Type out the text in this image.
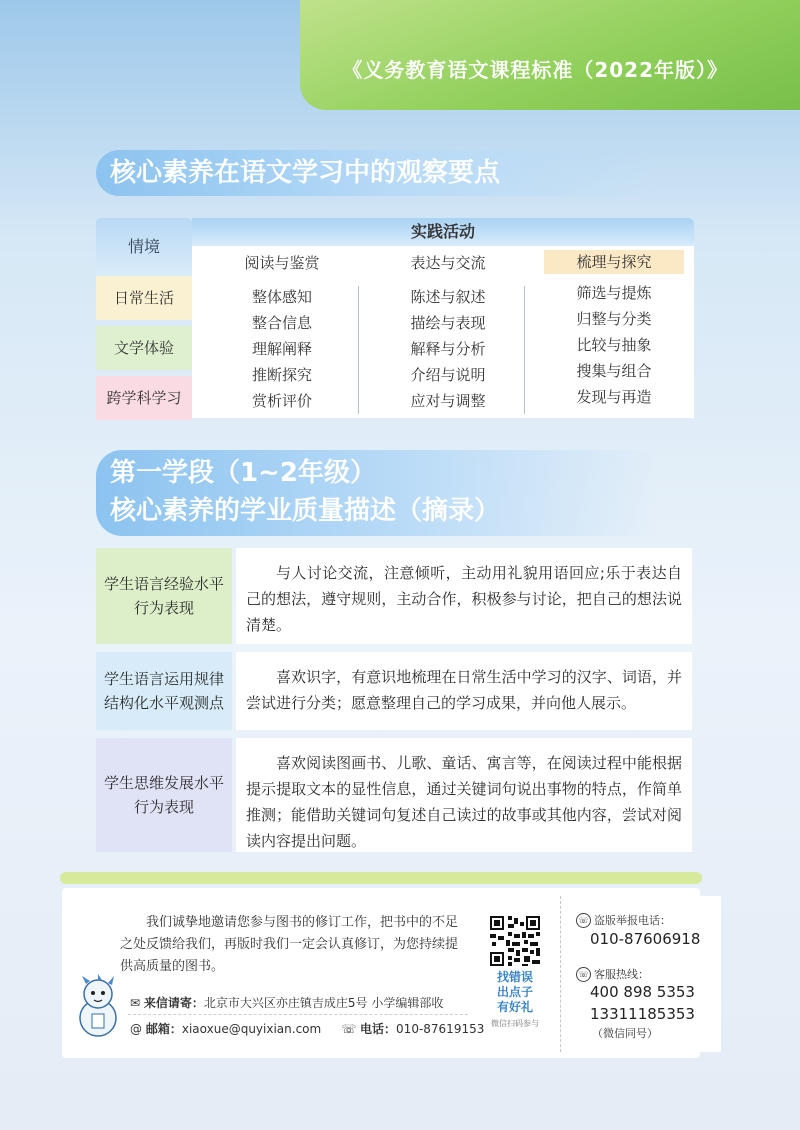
《义务教育语文课程标准（2022年版）》
核心素养在语文学习中的观察要点
情境
日常生活
文学体验
跨学科学习
实践活动
阅读与鉴赏
整体感知
整合信息
理解阐释
推断探究
赏析评价
表达与交流
陈述与叙述
描绘与表现
解释与分析
介绍与说明
应对与调整
梳理与探究
筛选与提炼
归整与分类
比较与抽象
搜集与组合
发现与再造
第一学段（1~2年级）
核心素养的学业质量描述（摘录）
学生语言经验水平
行为表现
与人讨论交流，注意倾听，主动用礼貌用语回应;乐于表达自己的想法，遵守规则，主动合作，积极参与讨论，把自己的想法说清楚。
学生语言运用规律
结构化水平观测点
喜欢识字，有意识地梳理在日常生活中学习的汉字、词语，并尝试进行分类；愿意整理自己的学习成果，并向他人展示。
学生思维发展水平
行为表现
喜欢阅读图画书、儿歌、童话、寓言等，在阅读过程中能根据提示提取文本的显性信息，通过关键词句说出事物的特点，作简单推测；能借助关键词句复述自己读过的故事或其他内容，尝试对阅读内容提出问题。
我们诚挚地邀请您参与图书的修订工作，把书中的不足之处反馈给我们，再版时我们一定会认真修订，为您持续提供高质量的图书。
✉ 来信请寄：北京市大兴区亦庄镇吉成庄5号 小学编辑部收
@ 邮箱：xiaoxue@quyixian.com ☏ 电话：010-87619153
找错误
出点子
有好礼
微信扫码参与
☏ 盗版举报电话：
010-87606918
☏ 客服热线：
400 898 5353
13311185353
（微信同号）
